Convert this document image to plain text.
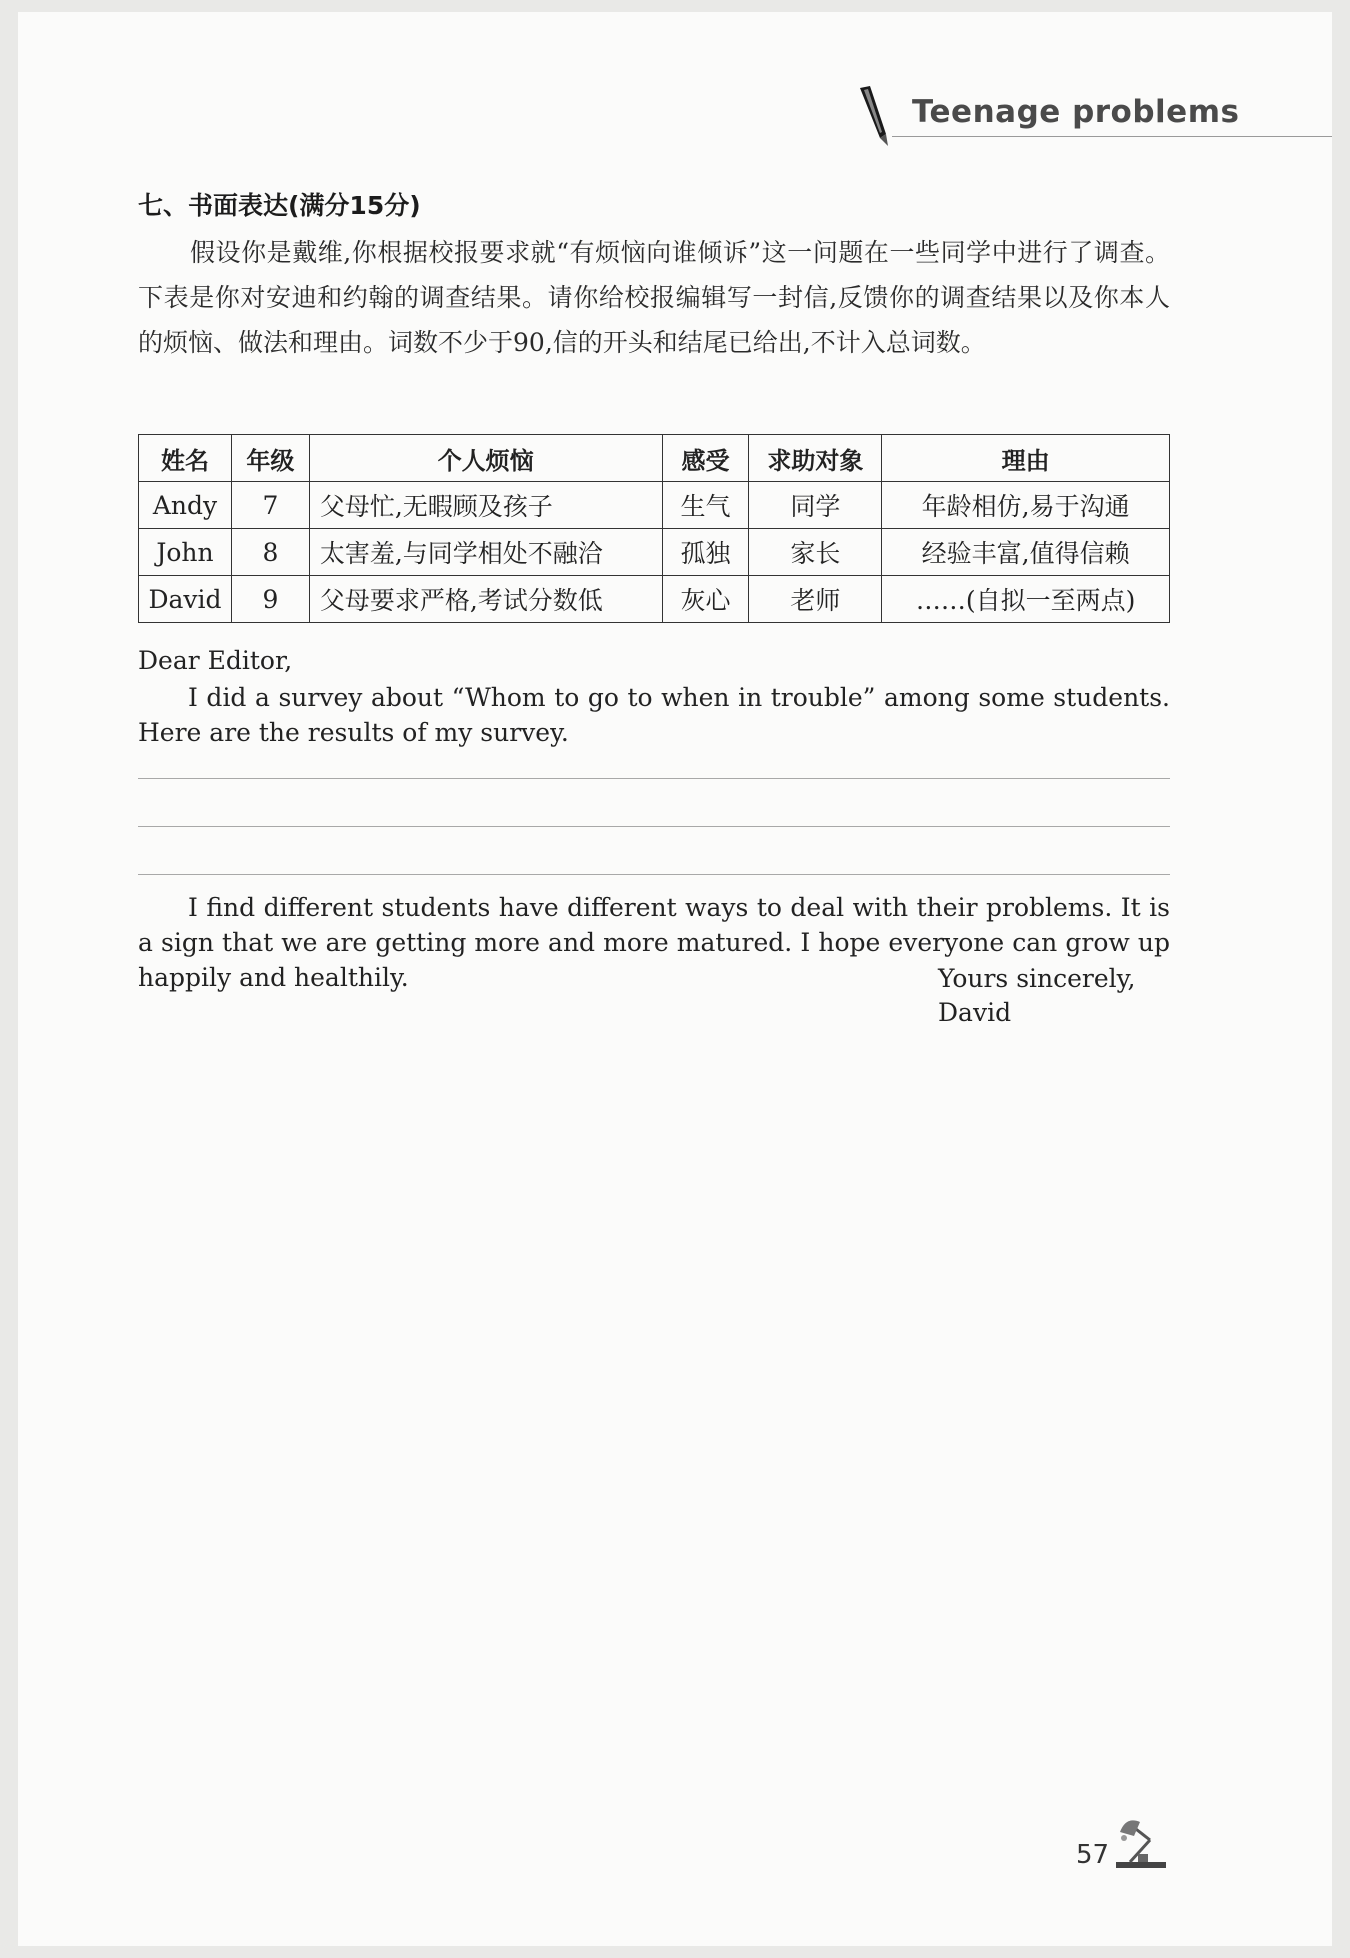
Teenage problems
七、书面表达(满分15分)

假设你是戴维,你根据校报要求就“有烦恼向谁倾诉”这一问题在一些同学中进行了调查。下表是你对安迪和约翰的调查结果。请你给校报编辑写一封信,反馈你的调查结果以及你本人的烦恼、做法和理由。词数不少于90,信的开头和结尾已给出,不计入总词数。

姓名	年级	个人烦恼	感受	求助对象	理由
Andy	7	父母忙,无暇顾及孩子	生气	同学	年龄相仿,易于沟通
John	8	太害羞,与同学相处不融洽	孤独	家长	经验丰富,值得信赖
David	9	父母要求严格,考试分数低	灰心	老师	……(自拟一至两点)
Dear Editor,

I did a survey about “Whom to go to when in trouble” among some students. Here are the results of my survey.

I find different students have different ways to deal with their problems. It is a sign that we are getting more and more matured. I hope everyone can grow up happily and healthily.	Yours sincerely,
David
57
